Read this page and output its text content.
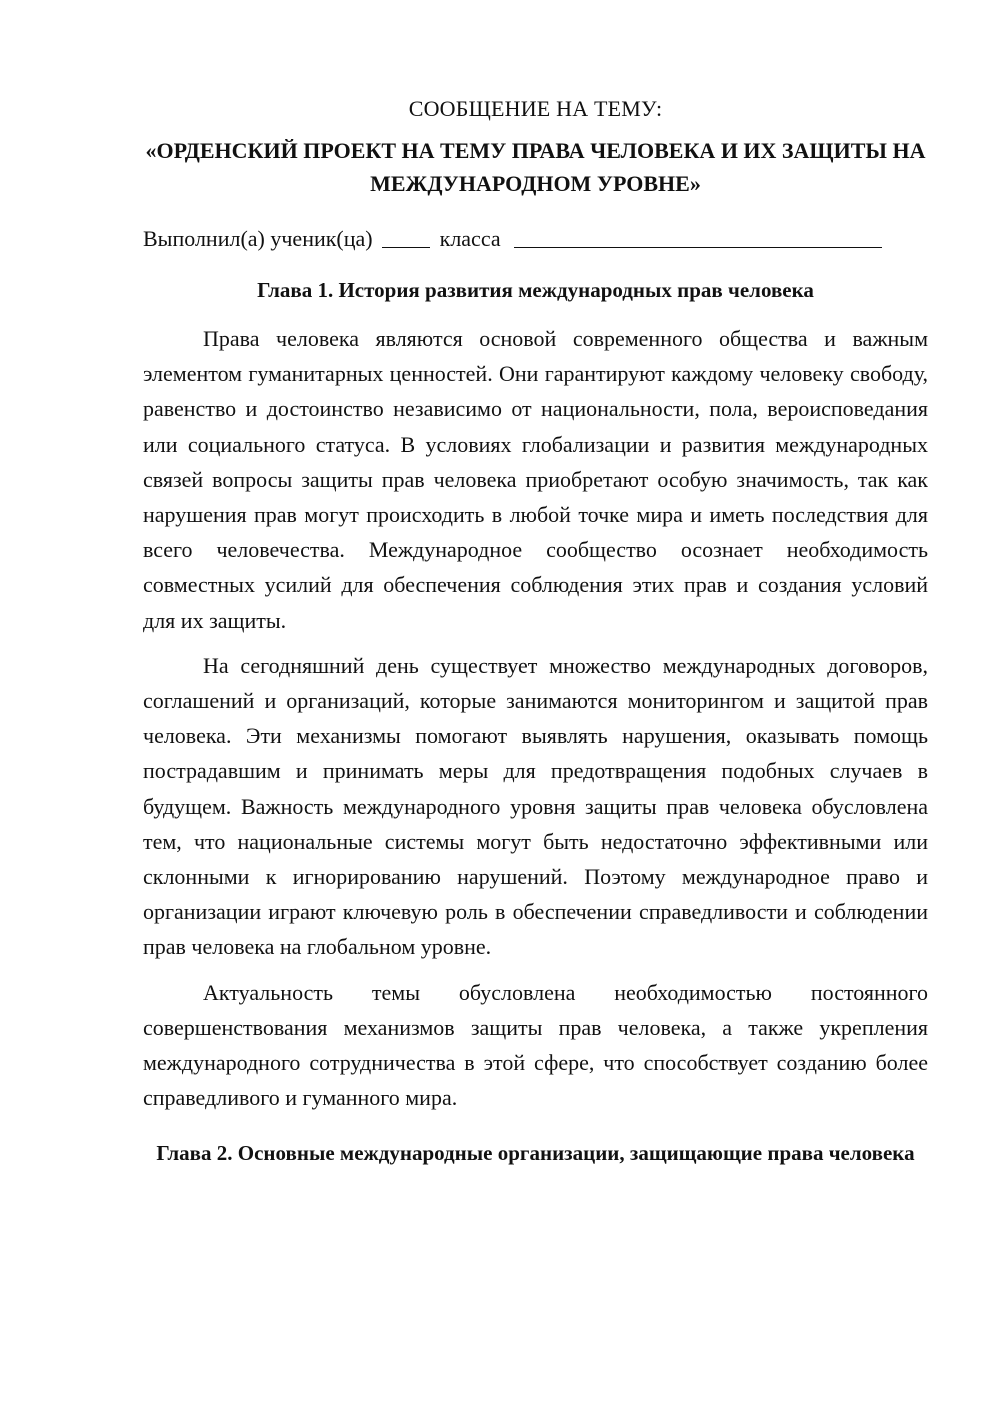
СООБЩЕНИЕ НА ТЕМУ:

«ОРДЕНСКИЙ ПРОЕКТ НА ТЕМУ ПРАВА ЧЕЛОВЕКА И ИХ ЗАЩИТЫ НА МЕЖДУНАРОДНОМ УРОВНЕ»

Выполнил(а) ученик(ца)	класса

Глава 1. История развития международных прав человека

Права человека являются основой современного общества и важным элементом гуманитарных ценностей. Они гарантируют каждому человеку свободу, равенство и достоинство независимо от национальности, пола, вероисповедания или социального статуса. В условиях глобализации и развития международных связей вопросы защиты прав человека приобретают особую значимость, так как нарушения прав могут происходить в любой точке мира и иметь последствия для всего человечества. Международное сообщество осознает необходимость совместных усилий для обеспечения соблюдения этих прав и создания условий для их защиты.

На сегодняшний день существует множество международных договоров, соглашений и организаций, которые занимаются мониторингом и защитой прав человека. Эти механизмы помогают выявлять нарушения, оказывать помощь пострадавшим и принимать меры для предотвращения подобных случаев в будущем. Важность международного уровня защиты прав человека обусловлена тем, что национальные системы могут быть недостаточно эффективными или склонными к игнорированию нарушений. Поэтому международное право и организации играют ключевую роль в обеспечении справедливости и соблюдении прав человека на глобальном уровне.

Актуальность темы обусловлена необходимостью постоянного совершенствования механизмов защиты прав человека, а также укрепления международного сотрудничества в этой сфере, что способствует созданию более справедливого и гуманного мира.

Глава 2. Основные международные организации, защищающие права человека
